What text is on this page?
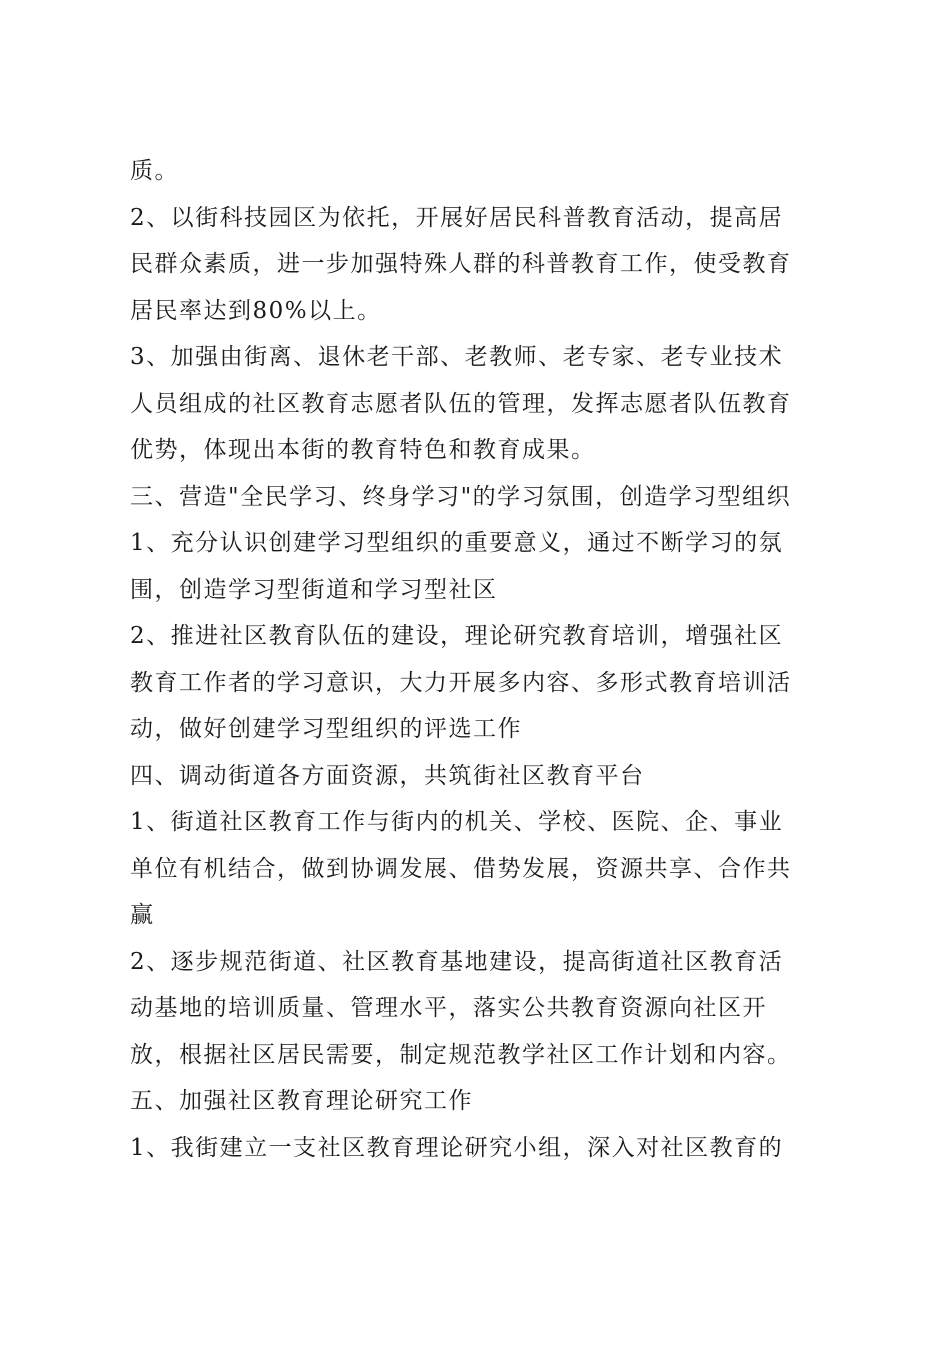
质。
2、以街科技园区为依托，开展好居民科普教育活动，提高居
民群众素质，进一步加强特殊人群的科普教育工作，使受教育
居民率达到80%以上。
3、加强由街离、退休老干部、老教师、老专家、老专业技术
人员组成的社区教育志愿者队伍的管理，发挥志愿者队伍教育
优势，体现出本街的教育特色和教育成果。
三、营造"全民学习、终身学习"的学习氛围，创造学习型组织
1、充分认识创建学习型组织的重要意义，通过不断学习的氛
围，创造学习型街道和学习型社区
2、推进社区教育队伍的建设，理论研究教育培训，增强社区
教育工作者的学习意识，大力开展多内容、多形式教育培训活
动，做好创建学习型组织的评选工作
四、调动街道各方面资源，共筑街社区教育平台
1、街道社区教育工作与街内的机关、学校、医院、企、事业
单位有机结合，做到协调发展、借势发展，资源共享、合作共
赢
2、逐步规范街道、社区教育基地建设，提高街道社区教育活
动基地的培训质量、管理水平，落实公共教育资源向社区开
放，根据社区居民需要，制定规范教学社区工作计划和内容。
五、加强社区教育理论研究工作
1、我街建立一支社区教育理论研究小组，深入对社区教育的
